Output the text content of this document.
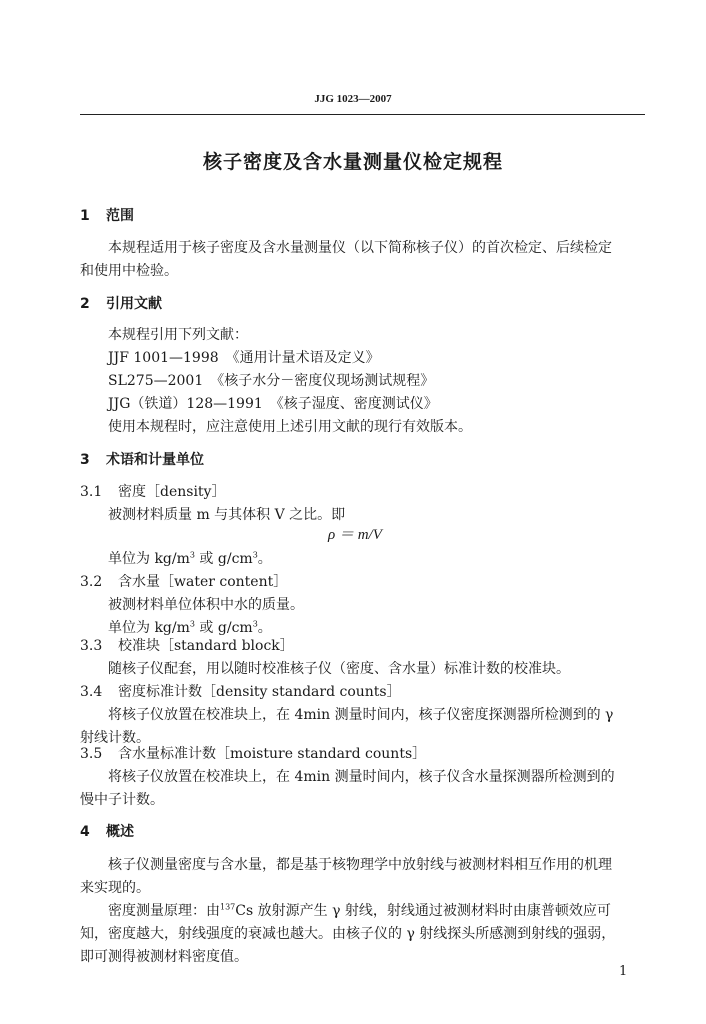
JJG 1023—2007
核子密度及含水量测量仪检定规程
1 范围
本规程适用于核子密度及含水量测量仪（以下简称核子仪）的首次检定、后续检定
和使用中检验。
2 引用文献
本规程引用下列文献：
JJF 1001—1998　《通用计量术语及定义》
SL275—2001　《核子水分－密度仪现场测试规程》
JJG（铁道）128—1991　《核子湿度、密度测试仪》
使用本规程时，应注意使用上述引用文献的现行有效版本。
3 术语和计量单位
3.1 密度［density］
被测材料质量 m 与其体积 V 之比。即
ρ ＝ m/V
单位为 $kg/m^3$ 或 $g/cm^3$。
3.2 含水量［water content］
被测材料单位体积中水的质量。
单位为 $kg/m^3$ 或 $g/cm^3$。
3.3 校准块［standard block］
随核子仪配套，用以随时校准核子仪（密度、含水量）标准计数的校准块。
3.4 密度标准计数［density standard counts］
将核子仪放置在校准块上，在 4min 测量时间内，核子仪密度探测器所检测到的 γ
射线计数。
3.5 含水量标准计数［moisture standard counts］
将核子仪放置在校准块上，在 4min 测量时间内，核子仪含水量探测器所检测到的
慢中子计数。
4 概述
核子仪测量密度与含水量，都是基于核物理学中放射线与被测材料相互作用的机理
来实现的。
密度测量原理：由$^{137}$Cs 放射源产生 γ 射线，射线通过被测材料时由康普顿效应可
知，密度越大，射线强度的衰减也越大。由核子仪的 γ 射线探头所感测到射线的强弱，
即可测得被测材料密度值。
1
